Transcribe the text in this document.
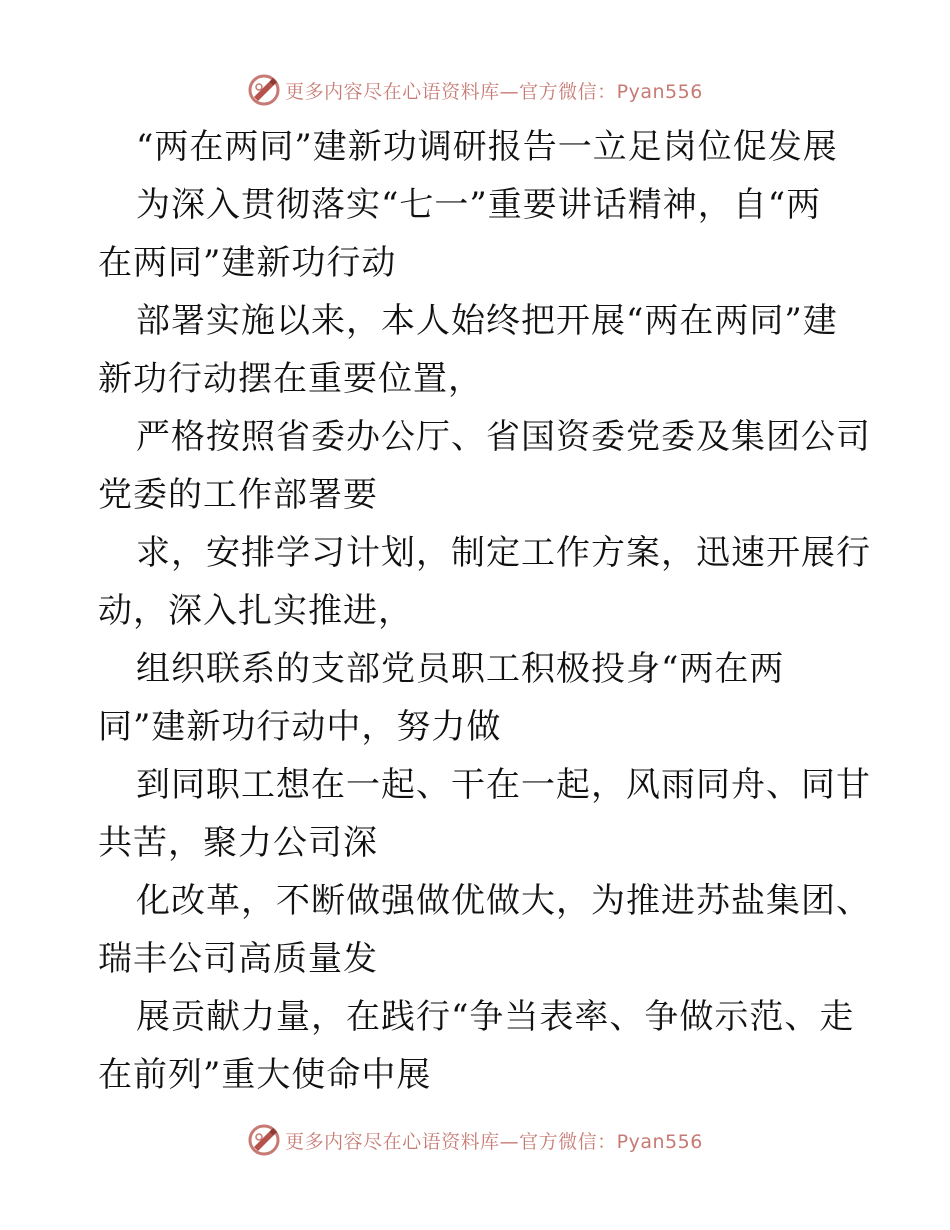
更多内容尽在心语资料库—官方微信：Pyan556
“两在两同”建新功调研报告一立足岗位促发展
为深入贯彻落实“七一”重要讲话精神，自“两
在两同”建新功行动
部署实施以来，本人始终把开展“两在两同”建
新功行动摆在重要位置，
严格按照省委办公厅、省国资委党委及集团公司
党委的工作部署要
求，安排学习计划，制定工作方案，迅速开展行
动，深入扎实推进，
组织联系的支部党员职工积极投身“两在两
同”建新功行动中，努力做
到同职工想在一起、干在一起，风雨同舟、同甘
共苦，聚力公司深
化改革，不断做强做优做大，为推进苏盐集团、
瑞丰公司高质量发
展贡献力量，在践行“争当表率、争做示范、走
在前列”重大使命中展
更多内容尽在心语资料库—官方微信：Pyan556
